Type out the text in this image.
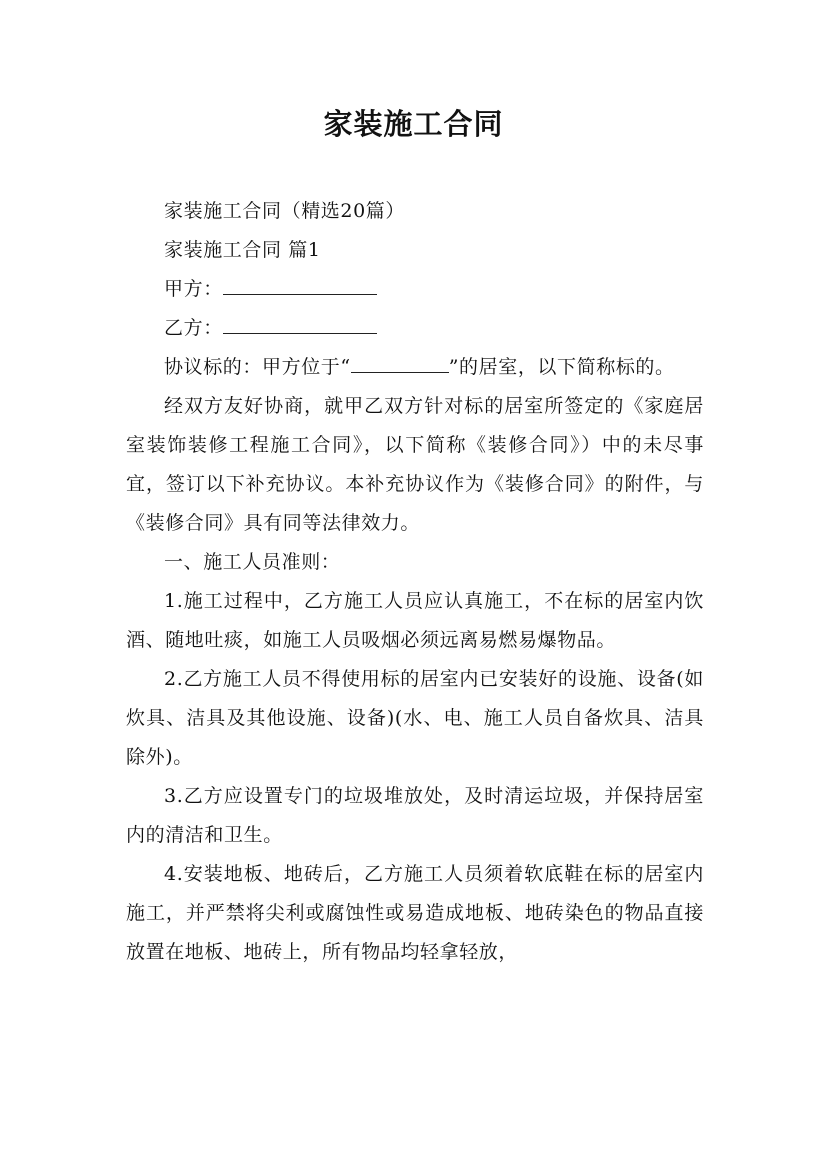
家装施工合同

家装施工合同（精选20篇）

家装施工合同 篇1

甲方：

乙方：

协议标的：甲方位于“	”的居室，以下简称标的。

经双方友好协商，就甲乙双方针对标的居室所签定的《家庭居室装饰装修工程施工合同》，以下简称《装修合同》）中的未尽事宜，签订以下补充协议。本补充协议作为《装修合同》的附件，与《装修合同》具有同等法律效力。

一、施工人员准则：

1.施工过程中，乙方施工人员应认真施工，不在标的居室内饮酒、随地吐痰，如施工人员吸烟必须远离易燃易爆物品。

2.乙方施工人员不得使用标的居室内已安装好的设施、设备(如炊具、洁具及其他设施、设备)(水、电、施工人员自备炊具、洁具除外)。

3.乙方应设置专门的垃圾堆放处，及时清运垃圾，并保持居室内的清洁和卫生。

4.安装地板、地砖后，乙方施工人员须着软底鞋在标的居室内施工，并严禁将尖利或腐蚀性或易造成地板、地砖染色的物品直接放置在地板、地砖上，所有物品均轻拿轻放，
